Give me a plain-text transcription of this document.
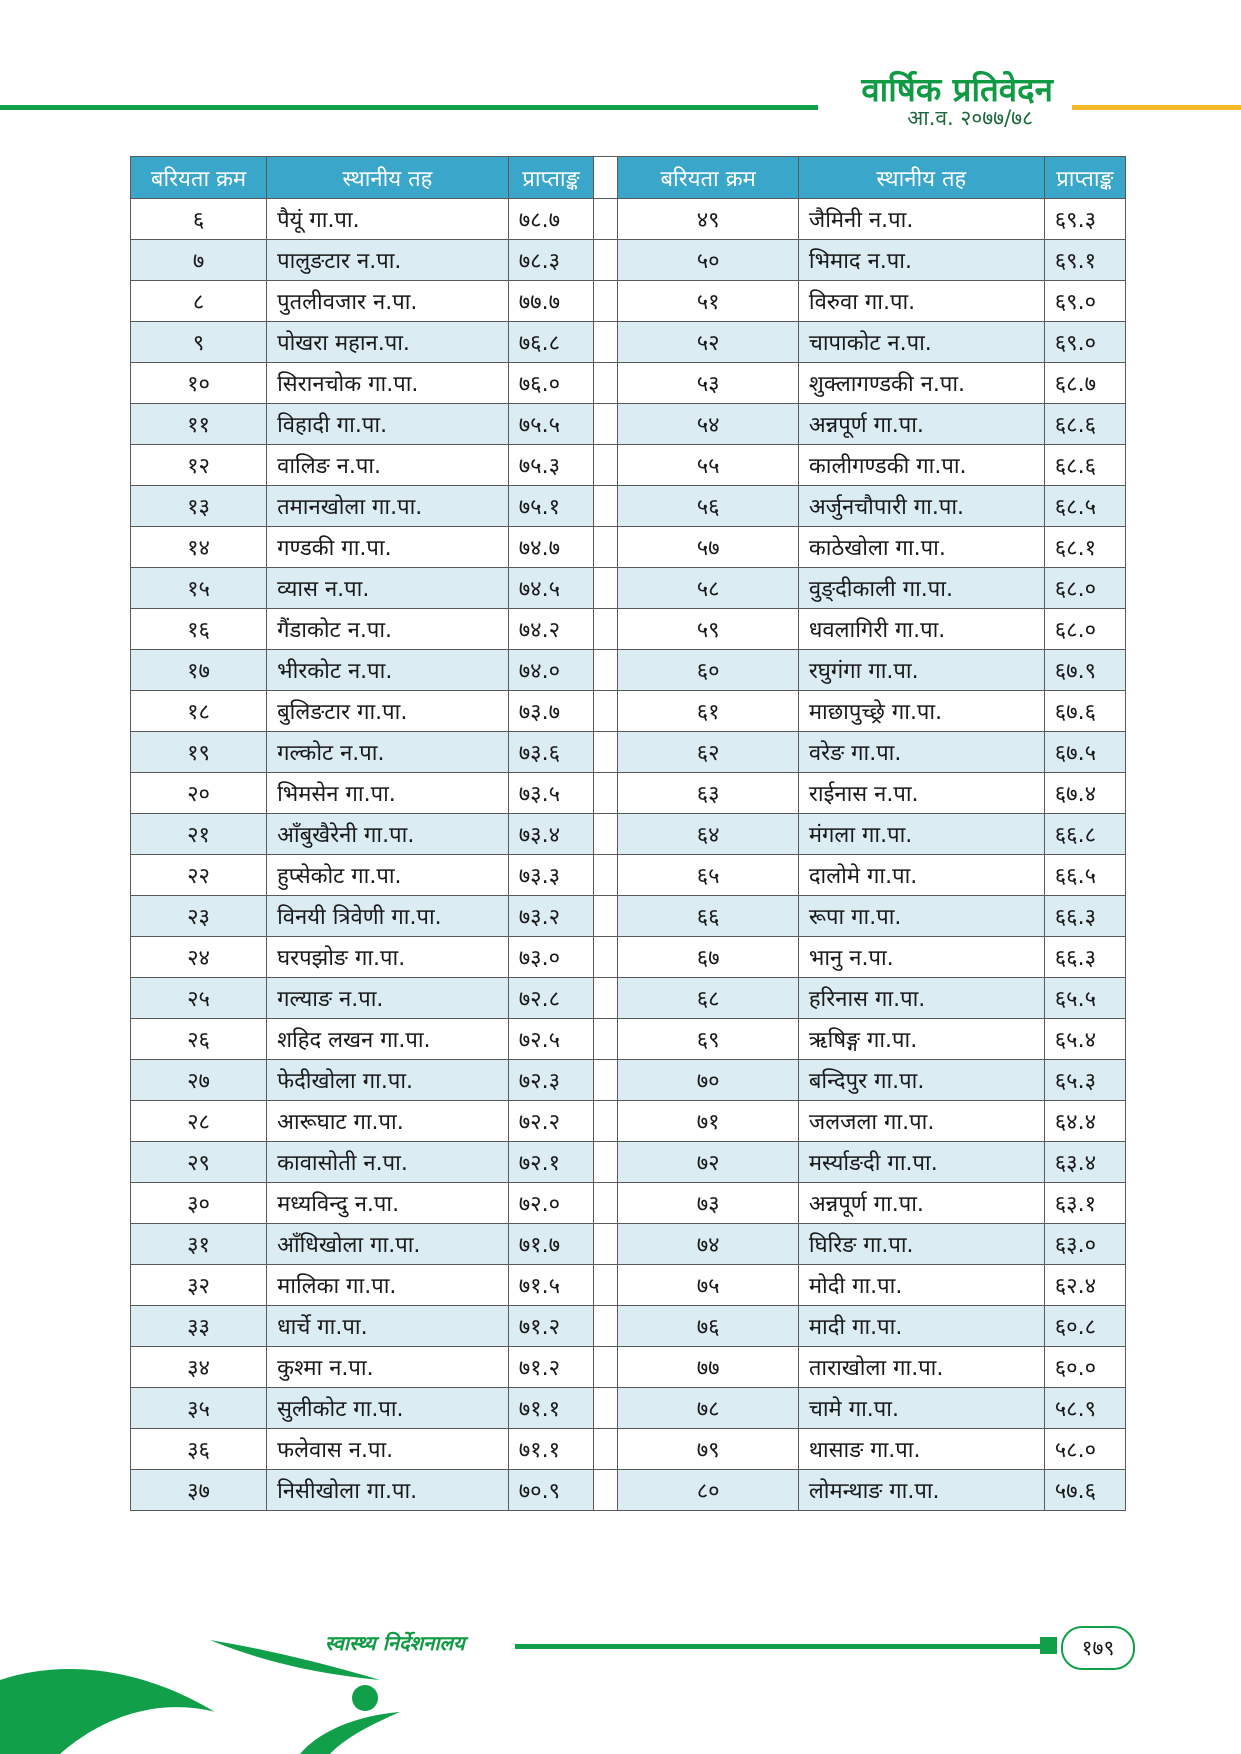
वार्षिक प्रतिवेदन
आ.व. २०७७/७८
बरियता क्रम	स्थानीय तह	प्राप्ताङ्क		बरियता क्रम	स्थानीय तह	प्राप्ताङ्क
६	पैयूं गा.पा.	७८.७		४९	जैमिनी न.पा.	६९.३
७	पालुङटार न.पा.	७८.३		५०	भिमाद न.पा.	६९.१
८	पुतलीवजार न.पा.	७७.७		५१	विरुवा गा.पा.	६९.०
९	पोखरा महान.पा.	७६.८		५२	चापाकोट न.पा.	६९.०
१०	सिरानचोक गा.पा.	७६.०		५३	शुक्लागण्डकी न.पा.	६८.७
११	विहादी गा.पा.	७५.५		५४	अन्नपूर्ण गा.पा.	६८.६
१२	वालिङ न.पा.	७५.३		५५	कालीगण्डकी गा.पा.	६८.६
१३	तमानखोला गा.पा.	७५.१		५६	अर्जुनचौपारी गा.पा.	६८.५
१४	गण्डकी गा.पा.	७४.७		५७	काठेखोला गा.पा.	६८.१
१५	व्यास न.पा.	७४.५		५८	वुङ्दीकाली गा.पा.	६८.०
१६	गैंडाकोट न.पा.	७४.२		५९	धवलागिरी गा.पा.	६८.०
१७	भीरकोट न.पा.	७४.०		६०	रघुगंगा गा.पा.	६७.९
१८	बुलिङटार गा.पा.	७३.७		६१	माछापुच्छ्रे गा.पा.	६७.६
१९	गल्कोट न.पा.	७३.६		६२	वरेङ गा.पा.	६७.५
२०	भिमसेन गा.पा.	७३.५		६३	राईनास न.पा.	६७.४
२१	आँबुखैरेनी गा.पा.	७३.४		६४	मंगला गा.पा.	६६.८
२२	हुप्सेकोट गा.पा.	७३.३		६५	दालोमे गा.पा.	६६.५
२३	विनयी त्रिवेणी गा.पा.	७३.२		६६	रूपा गा.पा.	६६.३
२४	घरपझोङ गा.पा.	७३.०		६७	भानु न.पा.	६६.३
२५	गल्याङ न.पा.	७२.८		६८	हरिनास गा.पा.	६५.५
२६	शहिद लखन गा.पा.	७२.५		६९	ऋषिङ्ग गा.पा.	६५.४
२७	फेदीखोला गा.पा.	७२.३		७०	बन्दिपुर गा.पा.	६५.३
२८	आरूघाट गा.पा.	७२.२		७१	जलजला गा.पा.	६४.४
२९	कावासोती न.पा.	७२.१		७२	मर्स्याङदी गा.पा.	६३.४
३०	मध्यविन्दु न.पा.	७२.०		७३	अन्नपूर्ण गा.पा.	६३.१
३१	आँधिखोला गा.पा.	७१.७		७४	घिरिङ गा.पा.	६३.०
३२	मालिका गा.पा.	७१.५		७५	मोदी गा.पा.	६२.४
३३	धार्चे गा.पा.	७१.२		७६	मादी गा.पा.	६०.८
३४	कुश्मा न.पा.	७१.२		७७	ताराखोला गा.पा.	६०.०
३५	सुलीकोट गा.पा.	७१.१		७८	चामे गा.पा.	५८.९
३६	फलेवास न.पा.	७१.१		७९	थासाङ गा.पा.	५८.०
३७	निसीखोला गा.पा.	७०.९		८०	लोमन्थाङ गा.पा.	५७.६
स्वास्थ्य निर्देशनालय	१७९
